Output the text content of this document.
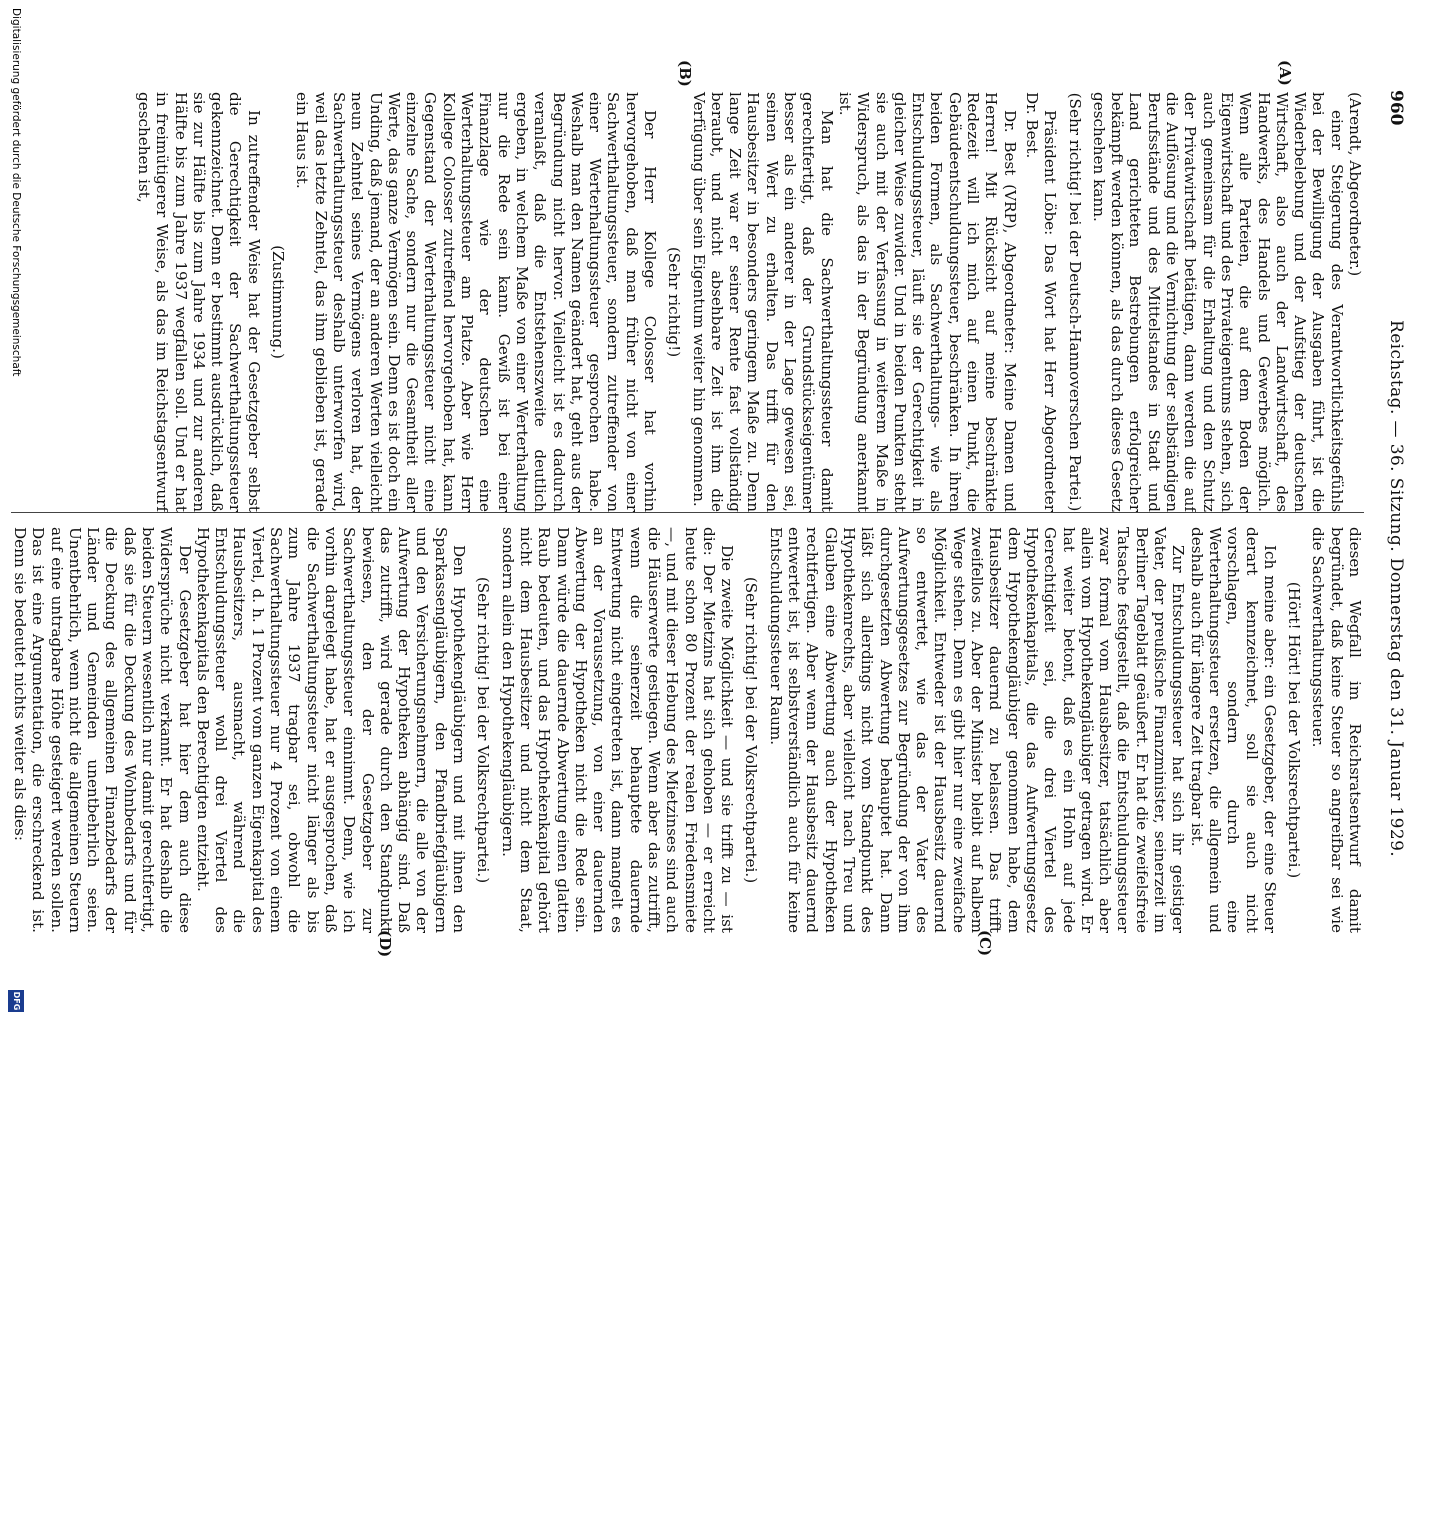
960
Reichstag. — 36. Sitzung. Donnerstag den 31. Januar 1929.
(A)
(B)
(C)
(D)

(Arendt, Abgeordneter.)

einer Steigerung des Verantwortlichkeitsgefühls bei der Bewilligung der Ausgaben führt, ist die Wiederbelebung und der Aufstieg der deutschen Wirtschaft, also auch der Landwirtschaft, des Handwerks, des Handels und Gewerbes möglich. Wenn alle Parteien, die auf dem Boden der Eigenwirtschaft und des Privateigentums stehen, sich auch gemeinsam für die Erhaltung und den Schutz der Privatwirtschaft betätigen, dann werden die auf die Auflösung und die Vernichtung der selbständigen Berufsstände und des Mittelstandes in Stadt und Land gerichteten Bestrebungen erfolgreicher bekämpft werden können, als das durch dieses Gesetz geschehen kann.

(Sehr richtig! bei der Deutsch-Hannoverschen Partei.)

Präsident Löbe: Das Wort hat Herr Abgeordneter Dr. Best.

Dr. Best (VRP), Abgeordneter: Meine Damen und Herren! Mit Rücksicht auf meine beschränkte Redezeit will ich mich auf einen Punkt, die Gebäudeentschuldungssteuer, beschränken. In ihren beiden Formen, als Sachwerthaltungs- wie als Entschuldungssteuer, läuft sie der Gerechtigkeit in gleicher Weise zuwider. Und in beiden Punkten steht sie auch mit der Verfassung in weiterem Maße in Widerspruch, als das in der Begründung anerkannt ist.

Man hat die Sachwerthaltungssteuer damit gerechtfertigt, daß der Grundstückseigentümer besser als ein anderer in der Lage gewesen sei, seinen Wert zu erhalten. Das trifft für den Hausbesitzer in besonders geringem Maße zu. Denn lange Zeit war er seiner Rente fast vollständig beraubt, und nicht absehbare Zeit ist ihm die Verfügung über sein Eigentum weiter hin genommen.

(Sehr richtig!)

Der Herr Kollege Colosser hat vorhin hervorgehoben, daß man früher nicht von einer Sachwerthaltungssteuer, sondern zutreffender von einer Werterhaltungssteuer gesprochen habe. Weshalb man den Namen geändert hat, geht aus der Begründung nicht hervor. Vielleicht ist es dadurch veranlaßt, daß die Entstehenszweite deutlich ergeben, in welchem Maße von einer Werterhaltung nur die Rede sein kann. Gewiß ist bei einer Finanzlage wie der deutschen eine Werterhaltungssteuer am Platze. Aber wie Herr Kollege Colosser zutreffend hervorgehoben hat, kann Gegenstand der Werterhaltungssteuer nicht eine einzelne Sache, sondern nur die Gesamtheit aller Werte, das ganze Vermögen sein. Denn es ist doch ein Unding, daß jemand, der an anderen Werten vielleicht neun Zehntel seines Vermögens verloren hat, der Sachwerthaltungssteuer deshalb unterworfen wird, weil das letzte Zehntel, das ihm geblieben ist, gerade ein Haus ist.

(Zustimmung.)

In zutreffender Weise hat der Gesetzgeber selbst die Gerechtigkeit der Sachwerthaltungssteuer gekennzeichnet. Denn er bestimmt ausdrücklich, daß sie zur Hälfte bis zum Jahre 1934 und zur anderen Hälfte bis zum Jahre 1937 wegfallen soll. Und er hat in freimütigerer Weise, als das im Reichstagsentwurf geschehen ist,

diesen Wegfall im Reichsratsentwurf damit begründet, daß keine Steuer so angreifbar sei wie die Sachwerthaltungssteuer.

(Hört! Hört! bei der Volksrechtpartei.)

Ich meine aber: ein Gesetzgeber, der eine Steuer derart kennzeichnet, soll sie auch nicht vorschlagen, sondern durch eine Werterhaltungssteuer ersetzen, die allgemein und deshalb auch für längere Zeit tragbar ist.

Zur Entschuldungssteuer hat sich ihr geistiger Vater, der preußische Finanzminister, seinerzeit im Berliner Tageblatt geäußert. Er hat die zweifelsfreie Tatsache festgestellt, daß die Entschuldungssteuer zwar formal vom Hausbesitzer, tatsächlich aber allein vom Hypothekengläubiger getragen wird. Er hat weiter betont, daß es ein Hohn auf jede Gerechtigkeit sei, die drei Viertel des Hypothekenkapitals, die das Aufwertungsgesetz dem Hypothekengläubiger genommen habe, dem Hausbesitzer dauernd zu belassen. Das trifft zweifellos zu. Aber der Minister bleibt auf halbem Wege stehen. Denn es gibt hier nur eine zweifache Möglichkeit. Entweder ist der Hausbesitz dauernd so entwertet, wie das der Vater des Aufwertungsgesetzes zur Begründung der von ihm durchgesetzten Abwertung behauptet hat. Dann läßt sich allerdings nicht vom Standpunkt des Hypothekenrechts, aber vielleicht nach Treu und Glauben eine Abwertung auch der Hypotheken rechtfertigen. Aber wenn der Hausbesitz dauernd entwertet ist, ist selbstverständlich auch für keine Entschuldungssteuer Raum.

(Sehr richtig! bei der Volksrechtpartei.)

Die zweite Möglichkeit — und sie trifft zu — ist die: Der Mietzins hat sich gehoben — er erreicht heute schon 80 Prozent der realen Friedensmiete —, und mit dieser Hebung des Mietzinses sind auch die Häuserwerte gestiegen. Wenn aber das zutrifft, wenn die seinerzeit behauptete dauernde Entwertung nicht eingetreten ist, dann mangelt es an der Voraussetzung, von einer dauernden Abwertung der Hypotheken nicht die Rede sein. Dann würde die dauernde Abwertung einen glatten Raub bedeuten, und das Hypothekenkapital gehört nicht dem Hausbesitzer und nicht dem Staat, sondern allein den Hypothekengläubigern.

(Sehr richtig! bei der Volksrechtpartei.)

Den Hypothekengläubigern und mit ihnen den Sparkassengläubigern, den Pfandbriefgläubigern und den Versicherungsnehmern, die alle von der Aufwertung der Hypotheken abhängig sind. Daß das zutrifft, wird gerade durch den Standpunkt bewiesen, den der Gesetzgeber zur Sachwerthaltungssteuer einnimmt. Denn, wie ich vorhin dargelegt habe, hat er ausgesprochen, daß die Sachwerthaltungssteuer nicht länger als bis zum Jahre 1937 tragbar sei, obwohl die Sachwerthaltungssteuer nur 4 Prozent von einem Viertel, d. h. 1 Prozent vom ganzen Eigenkapital des Hausbesitzers, ausmacht, während die Entschuldungssteuer wohl drei Viertel des Hypothekenkapitals den Berechtigten entzieht.

Der Gesetzgeber hat hier dem auch diese Widersprüche nicht verkannt. Er hat deshalb die beiden Steuern wesentlich nur damit gerechtfertigt, daß sie für die Deckung des Wohnbedarfs und für die Deckung des allgemeinen Finanzbedarfs der Länder und Gemeinden unentbehrlich seien. Unentbehrlich, wenn nicht die allgemeinen Steuern auf eine untragbare Höhe gesteigert werden sollen. Das ist eine Argumentation, die erschreckend ist. Denn sie bedeutet nichts weiter als dies:

Digitalisierung gefördert durch die Deutsche Forschungsgemeinschaft
DFG
